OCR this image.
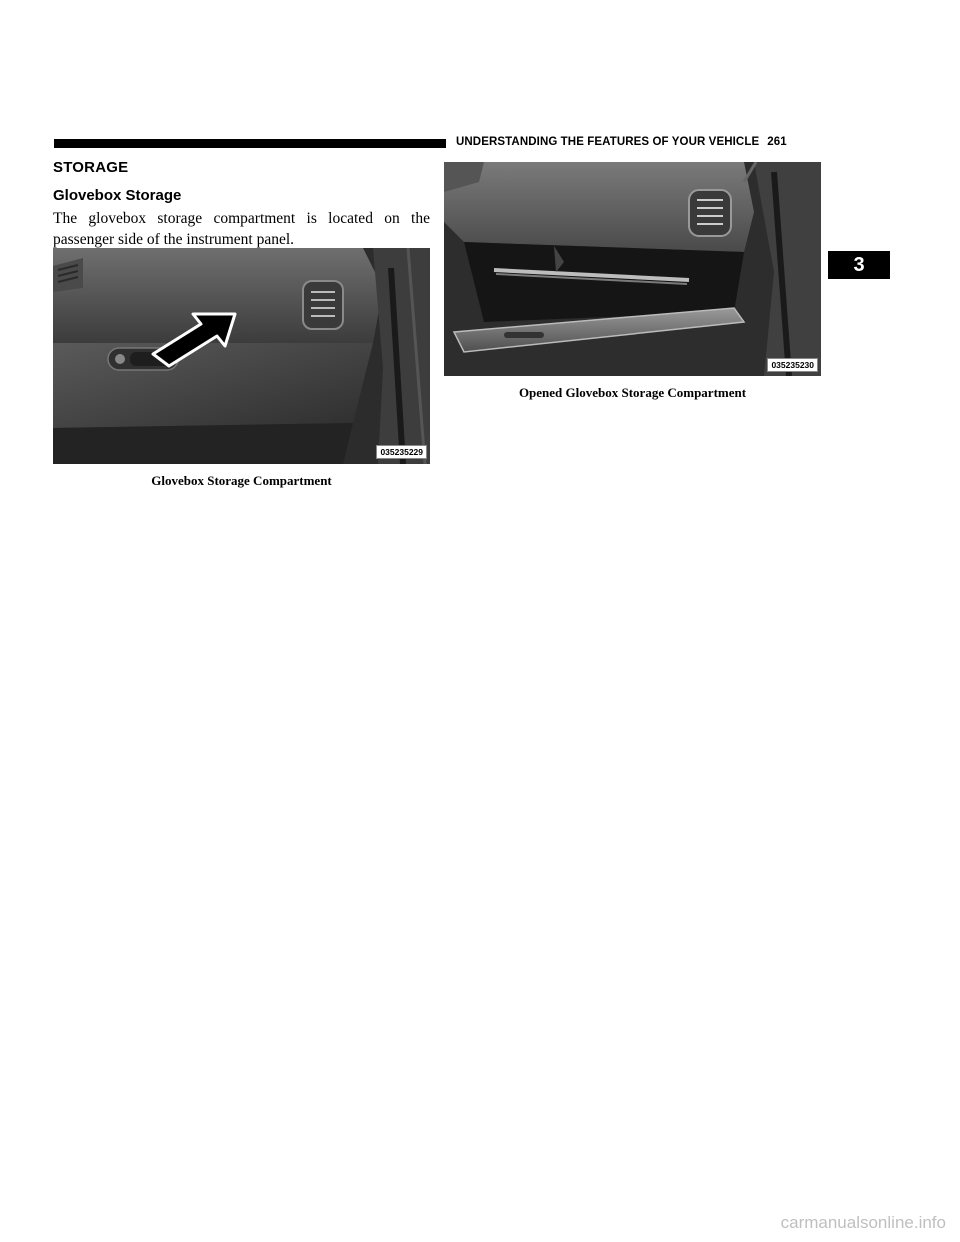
UNDERSTANDING THE FEATURES OF YOUR VEHICLE 261
3
STORAGE
Glovebox Storage
The glovebox storage compartment is located on the passenger side of the instrument panel.
035235229
Glovebox Storage Compartment
035235230
Opened Glovebox Storage Compartment
carmanualsonline.info
